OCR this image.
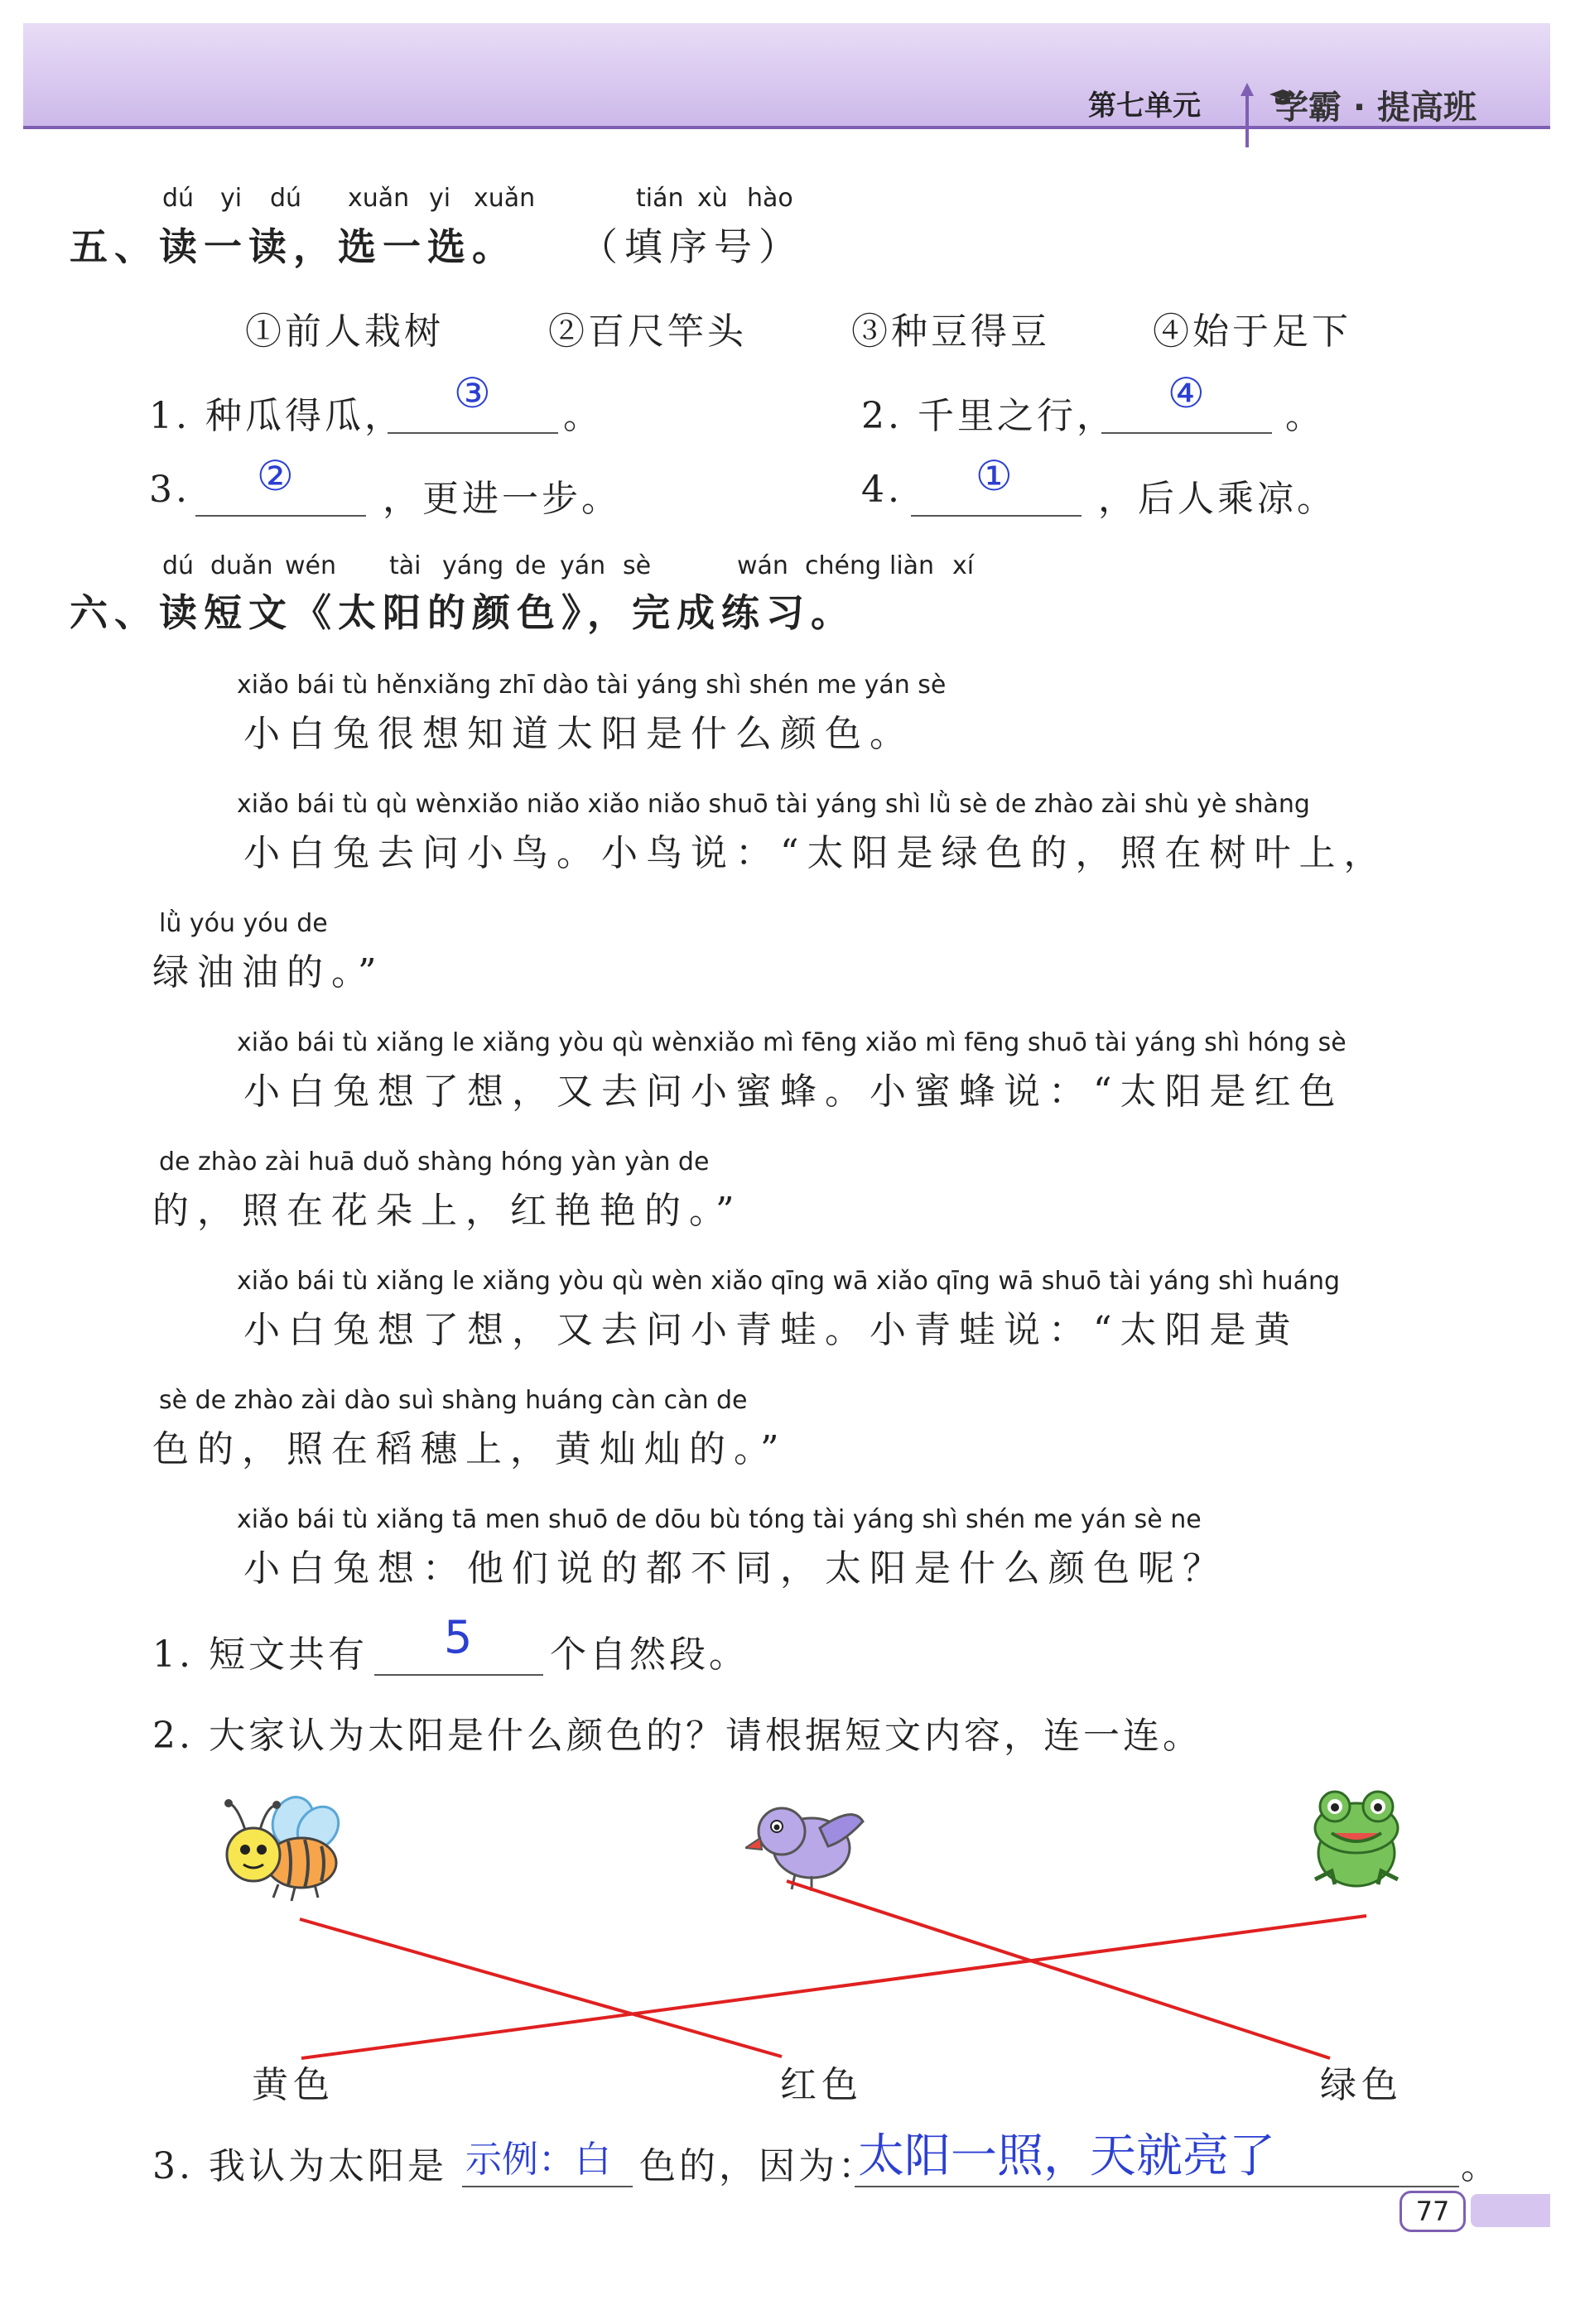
第七单元 学霸 · 提高班
dú yi dú xuǎn yi xuǎn	tián xù hào
五、读一读，选一选。 （填序号）
①前人栽树	②百尺竿头	③种豆得豆	④始于足下
1. 种瓜得瓜， ③ 。	2. 千里之行， ④ 。
3. ② ，更进一步。	4. ① ，后人乘凉。
dú duǎn wén tài yáng de yán sè	wán chéng liàn xí
六、读短文《太阳的颜色》，完成练习。
xiǎo bái tù hěnxiǎng zhī dào tài yáng shì shén me yán sè
小白兔很想知道太阳是什么颜色。
xiǎo bái tù qù wènxiǎo niǎo xiǎo niǎo shuō tài yáng shì lǜ sè de zhào zài shù yè shàng
小白兔去问小鸟。小鸟说：“太阳是绿色的，照在树叶上，
lǜ yóu yóu de
绿油油的。”
xiǎo bái tù xiǎng le xiǎng yòu qù wènxiǎo mì fēng xiǎo mì fēng shuō tài yáng shì hóng sè
小白兔想了想，又去问小蜜蜂。小蜜蜂说：“太阳是红色
de zhào zài huā duǒ shàng hóng yàn yàn de
的，照在花朵上，红艳艳的。”
xiǎo bái tù xiǎng le xiǎng yòu qù wèn xiǎo qīng wā xiǎo qīng wā shuō tài yáng shì huáng
小白兔想了想，又去问小青蛙。小青蛙说：“太阳是黄
sè de zhào zài dào suì shàng huáng càn càn de
色的，照在稻穗上，黄灿灿的。”
xiǎo bái tù xiǎng tā men shuō de dōu bù tóng tài yáng shì shén me yán sè ne
小白兔想：他们说的都不同，太阳是什么颜色呢？
1. 短文共有 5 个自然段。
2. 大家认为太阳是什么颜色的？请根据短文内容，连一连。
黄色	红色	绿色
3. 我认为太阳是 示例：白 色的，因为：
太阳一照，天就亮了	。
77
